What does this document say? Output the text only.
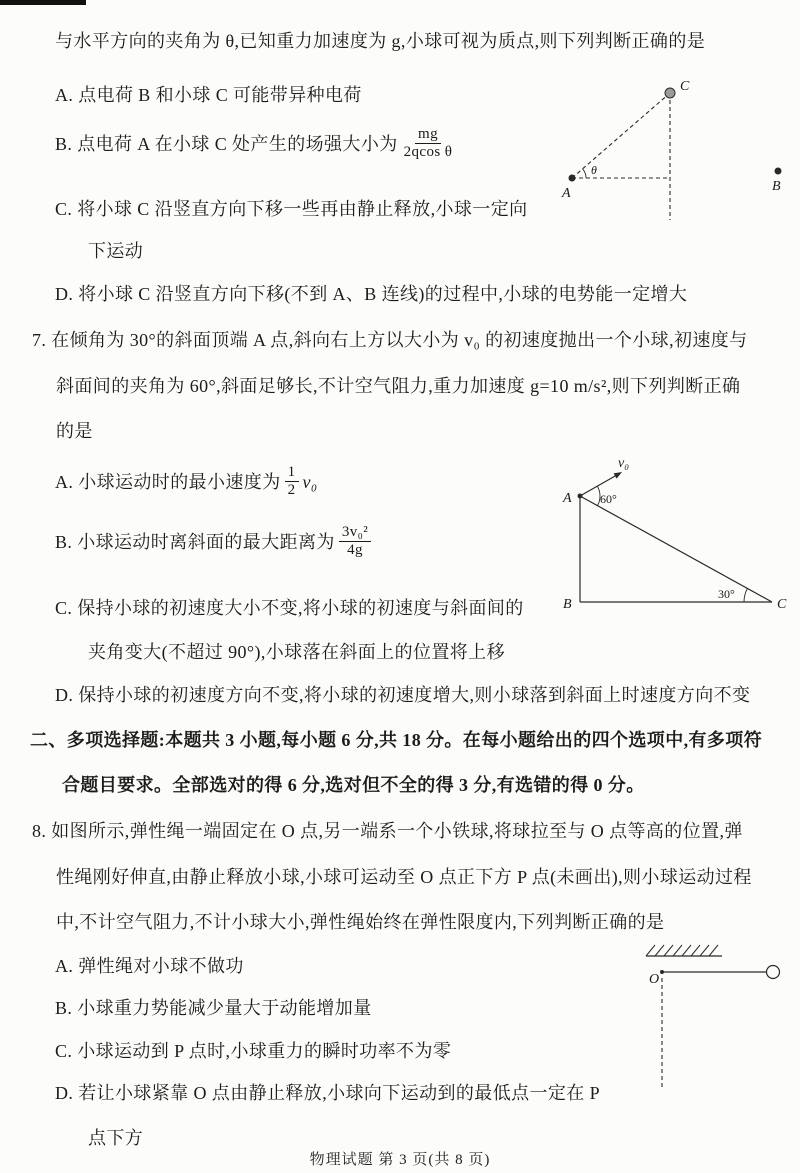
与水平方向的夹角为 θ,已知重力加速度为 g,小球可视为质点,则下列判断正确的是
A. 点电荷 B 和小球 C 可能带异种电荷
B. 点电荷 A 在小球 C 处产生的场强大小为 $\frac{mg}{\text{2qcos θ}}$
C. 将小球 C 沿竖直方向下移一些再由静止释放,小球一定向
下运动
D. 将小球 C 沿竖直方向下移(不到 A、B 连线)的过程中,小球的电势能一定增大
C
A	B
θ
7. 在倾角为 30°的斜面顶端 A 点,斜向右上方以大小为 v₀ 的初速度抛出一个小球,初速度与
斜面间的夹角为 60°,斜面足够长,不计空气阻力,重力加速度 g=10 m/s²,则下列判断正确
的是
A. 小球运动时的最小速度为 $\frac{1}{2} v_0$
B. 小球运动时离斜面的最大距离为 $\frac{\text{3v₀²}}{4g}$
C. 保持小球的初速度大小不变,将小球的初速度与斜面间的
夹角变大(不超过 90°),小球落在斜面上的位置将上移
D. 保持小球的初速度方向不变,将小球的初速度增大,则小球落到斜面上时速度方向不变
v₀
60°
30°
A
B	C
二、多项选择题:本题共 3 小题,每小题 6 分,共 18 分。在每小题给出的四个选项中,有多项符
合题目要求。全部选对的得 6 分,选对但不全的得 3 分,有选错的得 0 分。
8. 如图所示,弹性绳一端固定在 O 点,另一端系一个小铁球,将球拉至与 O 点等高的位置,弹
性绳刚好伸直,由静止释放小球,小球可运动至 O 点正下方 P 点(未画出),则小球运动过程
中,不计空气阻力,不计小球大小,弹性绳始终在弹性限度内,下列判断正确的是
A. 弹性绳对小球不做功
B. 小球重力势能减少量大于动能增加量
C. 小球运动到 P 点时,小球重力的瞬时功率不为零
D. 若让小球紧靠 O 点由静止释放,小球向下运动到的最低点一定在 P
点下方
O
物理试题 第 3 页(共 8 页)
